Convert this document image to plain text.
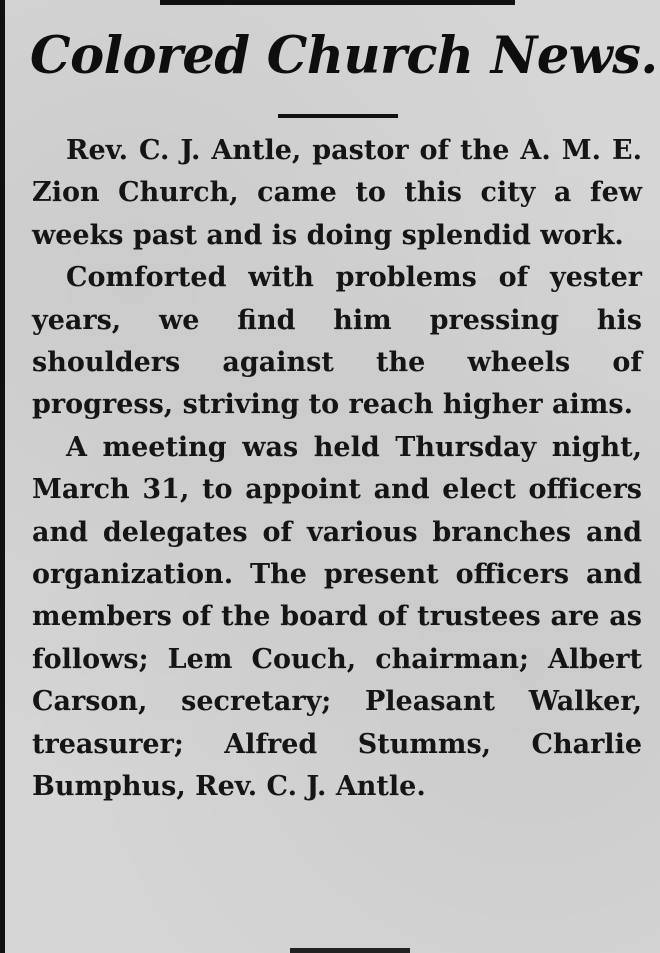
Colored Church News.

Rev. C. J. Antle, pastor of the A. M. E. Zion Church, came to this city a few weeks past and is doing splendid work.

Comforted with problems of yester years, we find him pressing his shoulders against the wheels of progress, striving to reach higher aims.

A meeting was held Thursday night, March 31, to appoint and elect officers and delegates of various branches and organization. The present officers and members of the board of trustees are as follows; Lem Couch, chairman; Albert Carson, secretary; Pleasant Walker, treasurer; Alfred Stumms, Charlie Bumphus, Rev. C. J. Antle.
